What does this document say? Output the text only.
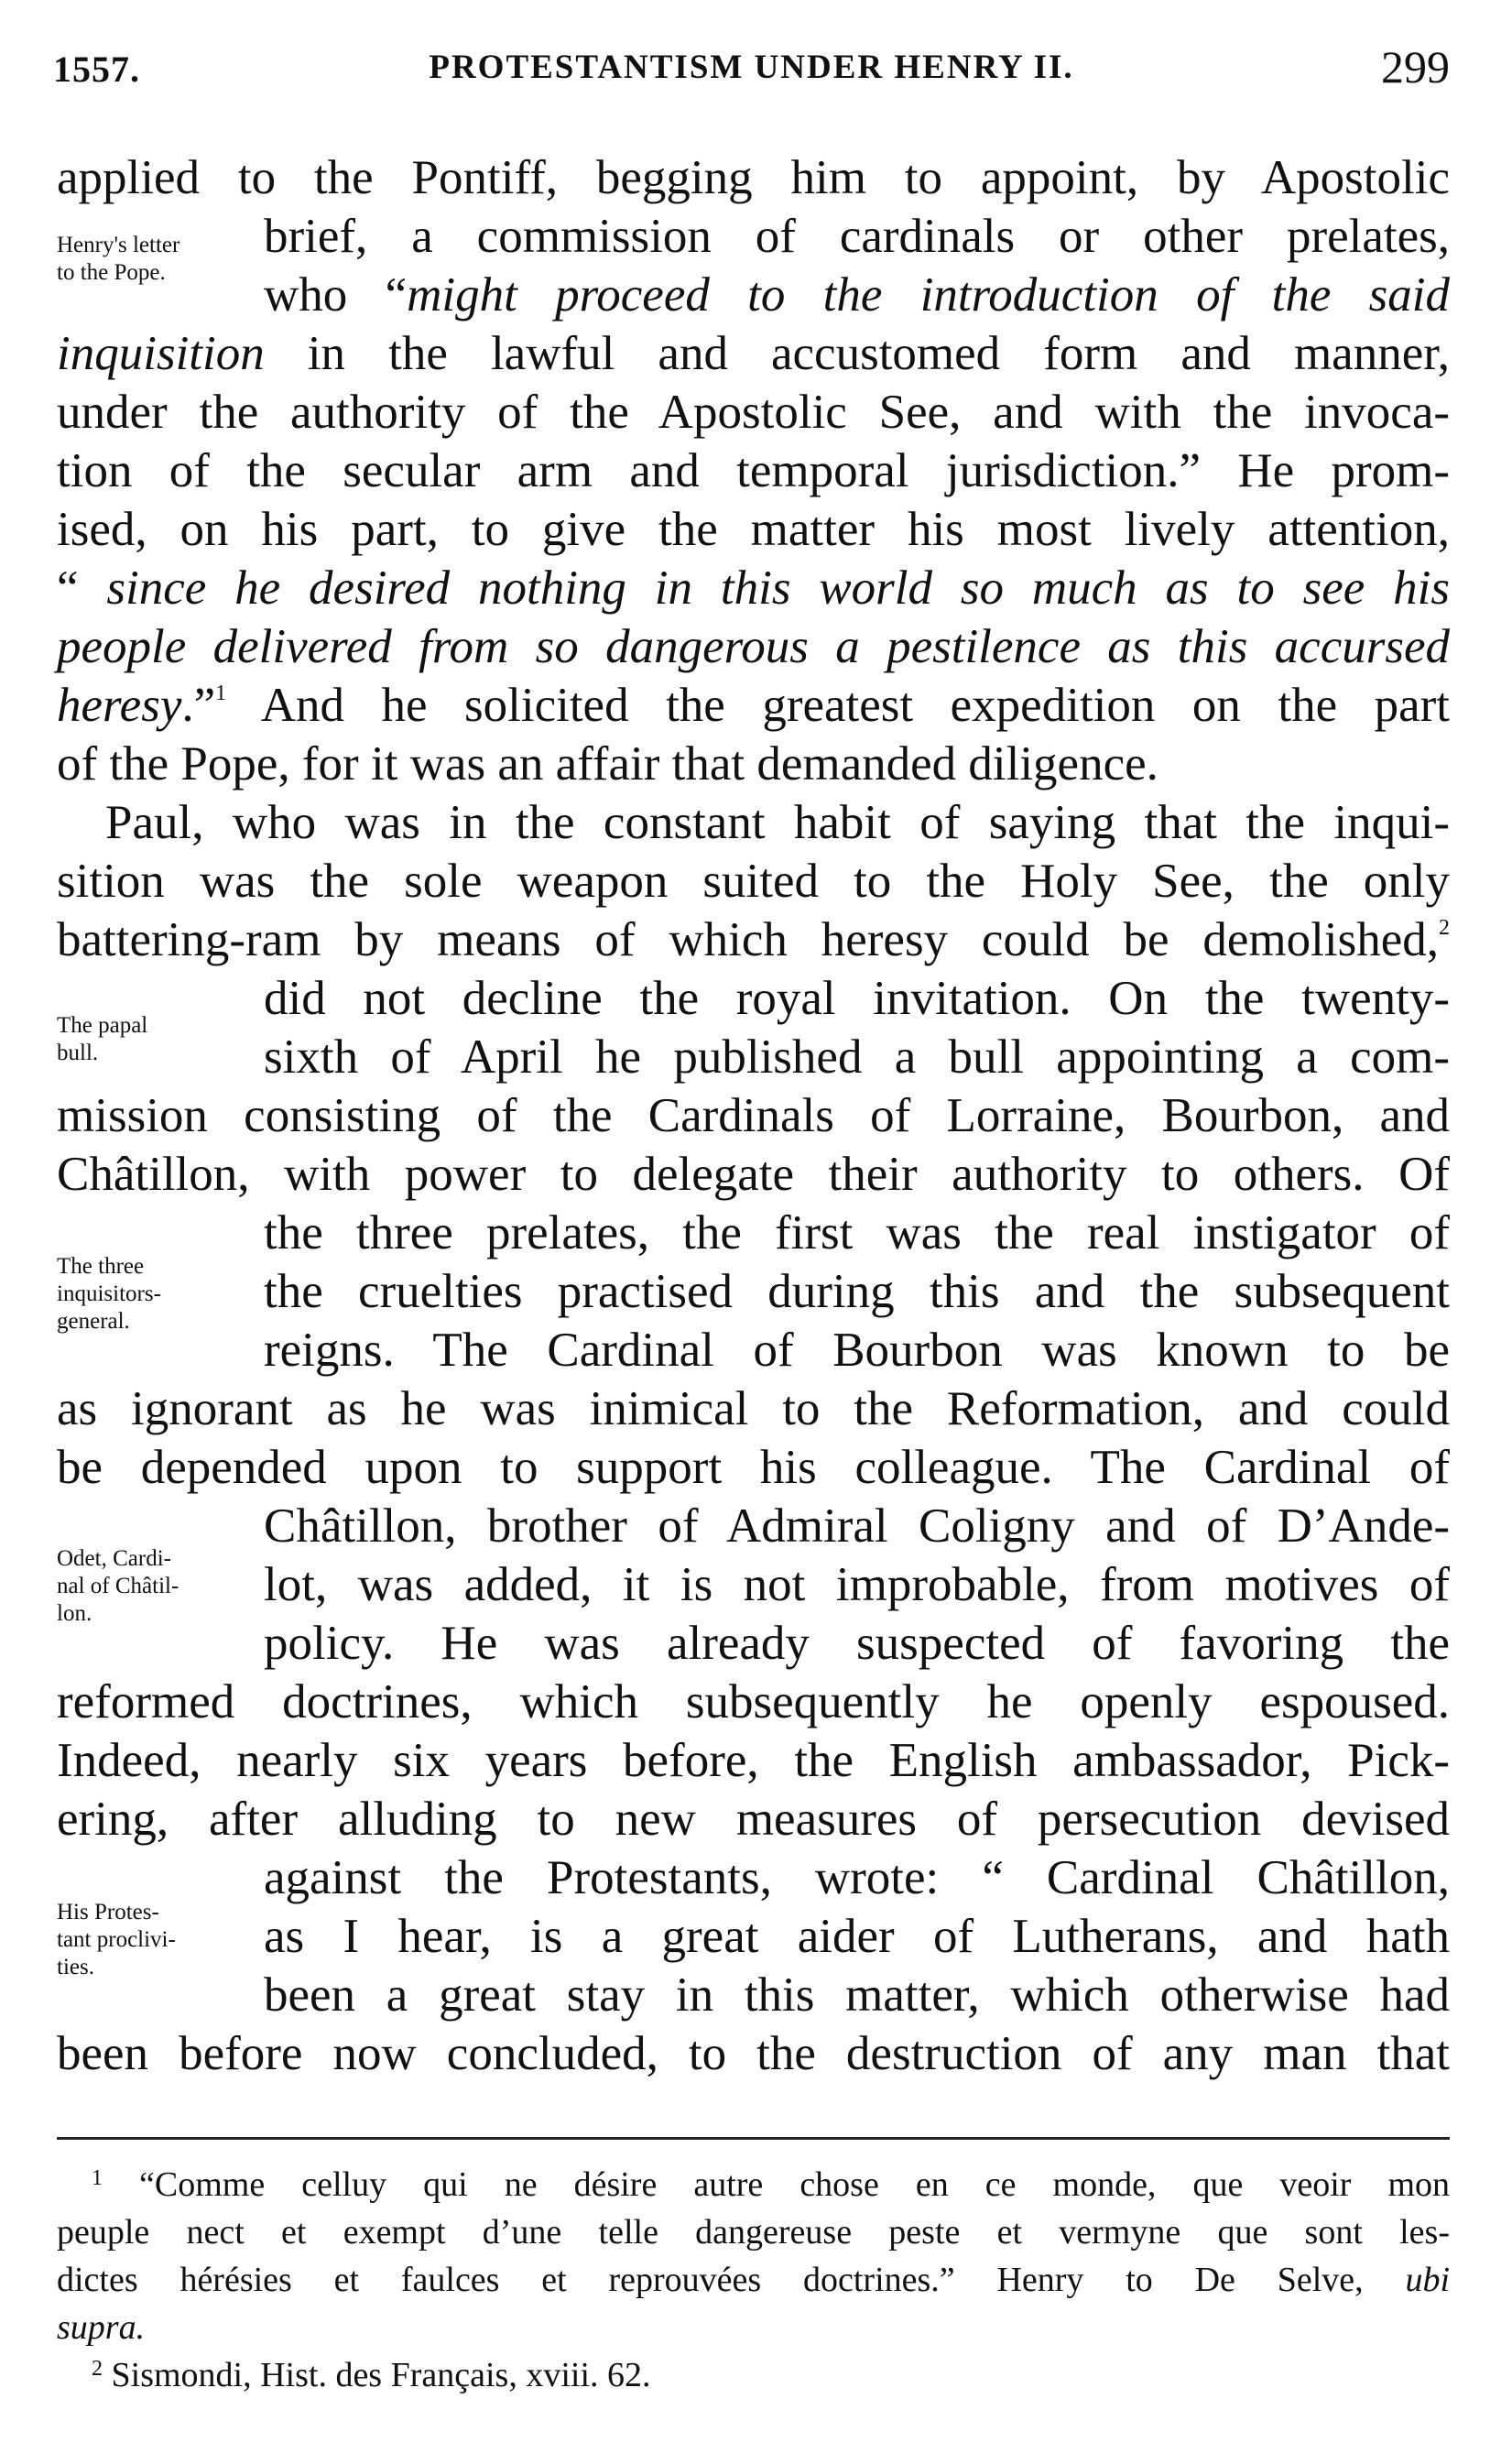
1557.	PROTESTANTISM UNDER HENRY II.	299
Henry's letter
to the Pope.
The papal
bull.
The three
inquisitors-
general.
Odet, Cardi-
nal of Châtil-
lon.
His Protes-
tant proclivi-
ties.
applied to the Pontiff, begging him to appoint, by Apostolic
brief, a commission of cardinals or other prelates,
who “might proceed to the introduction of the said
inquisition in the lawful and accustomed form and manner,
under the authority of the Apostolic See, and with the invoca-
tion of the secular arm and temporal jurisdiction.” He prom-
ised, on his part, to give the matter his most lively attention,
“ since he desired nothing in this world so much as to see his
people delivered from so dangerous a pestilence as this accursed
heresy.”$^1$ And he solicited the greatest expedition on the part
of the Pope, for it was an affair that demanded diligence.
Paul, who was in the constant habit of saying that the inqui-
sition was the sole weapon suited to the Holy See, the only
battering-ram by means of which heresy could be demolished,$^2$
did not decline the royal invitation. On the twenty-
sixth of April he published a bull appointing a com-
mission consisting of the Cardinals of Lorraine, Bourbon, and
Châtillon, with power to delegate their authority to others. Of
the three prelates, the first was the real instigator of
the cruelties practised during this and the subsequent
reigns. The Cardinal of Bourbon was known to be
as ignorant as he was inimical to the Reformation, and could
be depended upon to support his colleague. The Cardinal of
Châtillon, brother of Admiral Coligny and of D’Ande-
lot, was added, it is not improbable, from motives of
policy. He was already suspected of favoring the
reformed doctrines, which subsequently he openly espoused.
Indeed, nearly six years before, the English ambassador, Pick-
ering, after alluding to new measures of persecution devised
against the Protestants, wrote: “ Cardinal Châtillon,
as I hear, is a great aider of Lutherans, and hath
been a great stay in this matter, which otherwise had
been before now concluded, to the destruction of any man that
$^1$ “Comme celluy qui ne désire autre chose en ce monde, que veoir mon
peuple nect et exempt d’une telle dangereuse peste et vermyne que sont les-
dictes hérésies et faulces et reprouvées doctrines.” Henry to De Selve, ubi
supra.
$^2$ Sismondi, Hist. des Français, xviii. 62.
